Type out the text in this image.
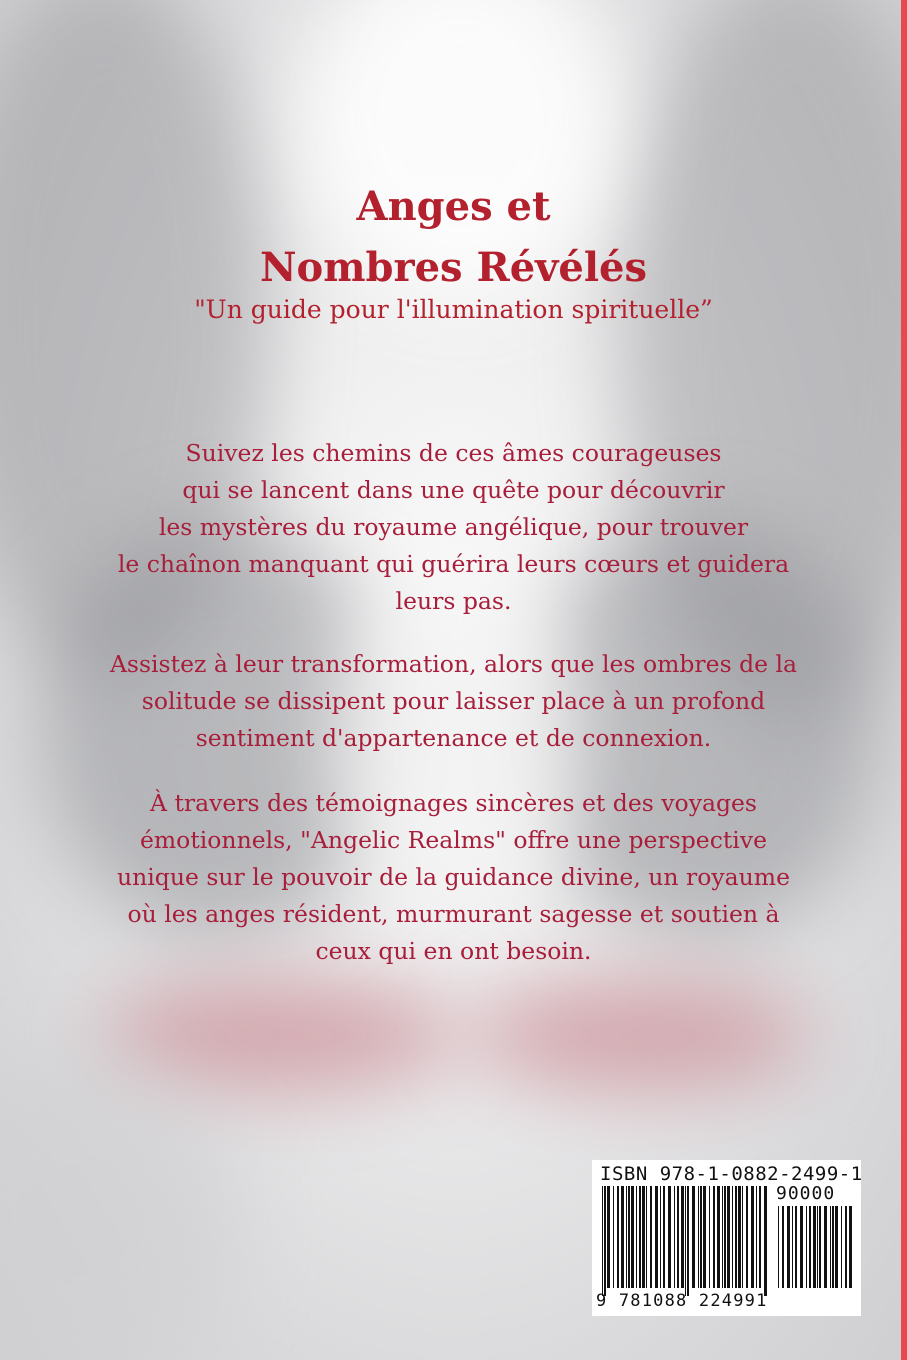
Anges et
Nombres Révélés
"Un guide pour l'illumination spirituelle”
Suivez les chemins de ces âmes courageuses
qui se lancent dans une quête pour découvrir
les mystères du royaume angélique, pour trouver
le chaînon manquant qui guérira leurs cœurs et guidera
leurs pas.
Assistez à leur transformation, alors que les ombres de la
solitude se dissipent pour laisser place à un profond
sentiment d'appartenance et de connexion.
À travers des témoignages sincères et des voyages
émotionnels, "Angelic Realms" offre une perspective
unique sur le pouvoir de la guidance divine, un royaume
où les anges résident, murmurant sagesse et soutien à
ceux qui en ont besoin.
ISBN 978-1-0882-2499-1
90000
9 781088 224991
